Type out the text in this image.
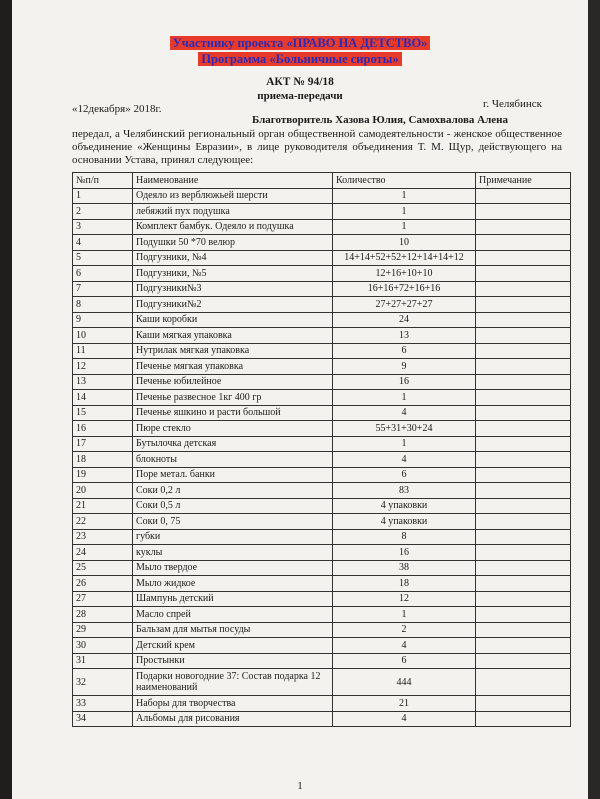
Участнику проекта «ПРАВО НА ДЕТСТВО»
Программа «Больничные сироты»
АКТ № 94/18
приема-передачи
г. Челябинск
«12декабря» 2018г.
Благотворитель Хазова Юлия, Самохвалова Алена
передал, а Челябинский региональный орган общественной самодеятельности - женское общественное объединение «Женщины Евразии», в лице руководителя объединения Т. М. Щур, действующего на основании Устава, принял следующее:
№п/п	Наименование	Количество	Примечание
1	Одеяло из верблюжьей шерсти	1	
2	лебяжий пух подушка	1	
3	Комплект бамбук. Одеяло и подушка	1	
4	Подушки 50 *70 велюр	10	
5	Подгузники, №4	14+14+52+52+12+14+14+12	
6	Подгузники, №5	12+16+10+10	
7	Подгузники№3	16+16+72+16+16	
8	Подгузники№2	27+27+27+27	
9	Каши коробки	24	
10	Каши мягкая упаковка	13	
11	Нутрилак мягкая упаковка	6	
12	Печенье мягкая упаковка	9	
13	Печенье юбилейное	16	
14	Печенье развесное 1кг 400 гр	1	
15	Печенье яшкино и расти большой	4	
16	Пюре стекло	55+31+30+24	
17	Бутылочка детская	1	
18	блокноты	4	
19	Поре метал. банки	6	
20	Соки 0,2 л	83	
21	Соки 0,5 л	4 упаковки	
22	Соки 0, 75	4 упаковки	
23	губки	8	
24	куклы	16	
25	Мыло твердое	38	
26	Мыло жидкое	18	
27	Шампунь детский	12	
28	Масло спрей	1	
29	Бальзам для мытья посуды	2	
30	Детский крем	4	
31	Простынки	6	
32	Подарки новогодние 37: Состав подарка 12 наименований	444	
33	Наборы для творчества	21	
34	Альбомы для рисования	4	
1
